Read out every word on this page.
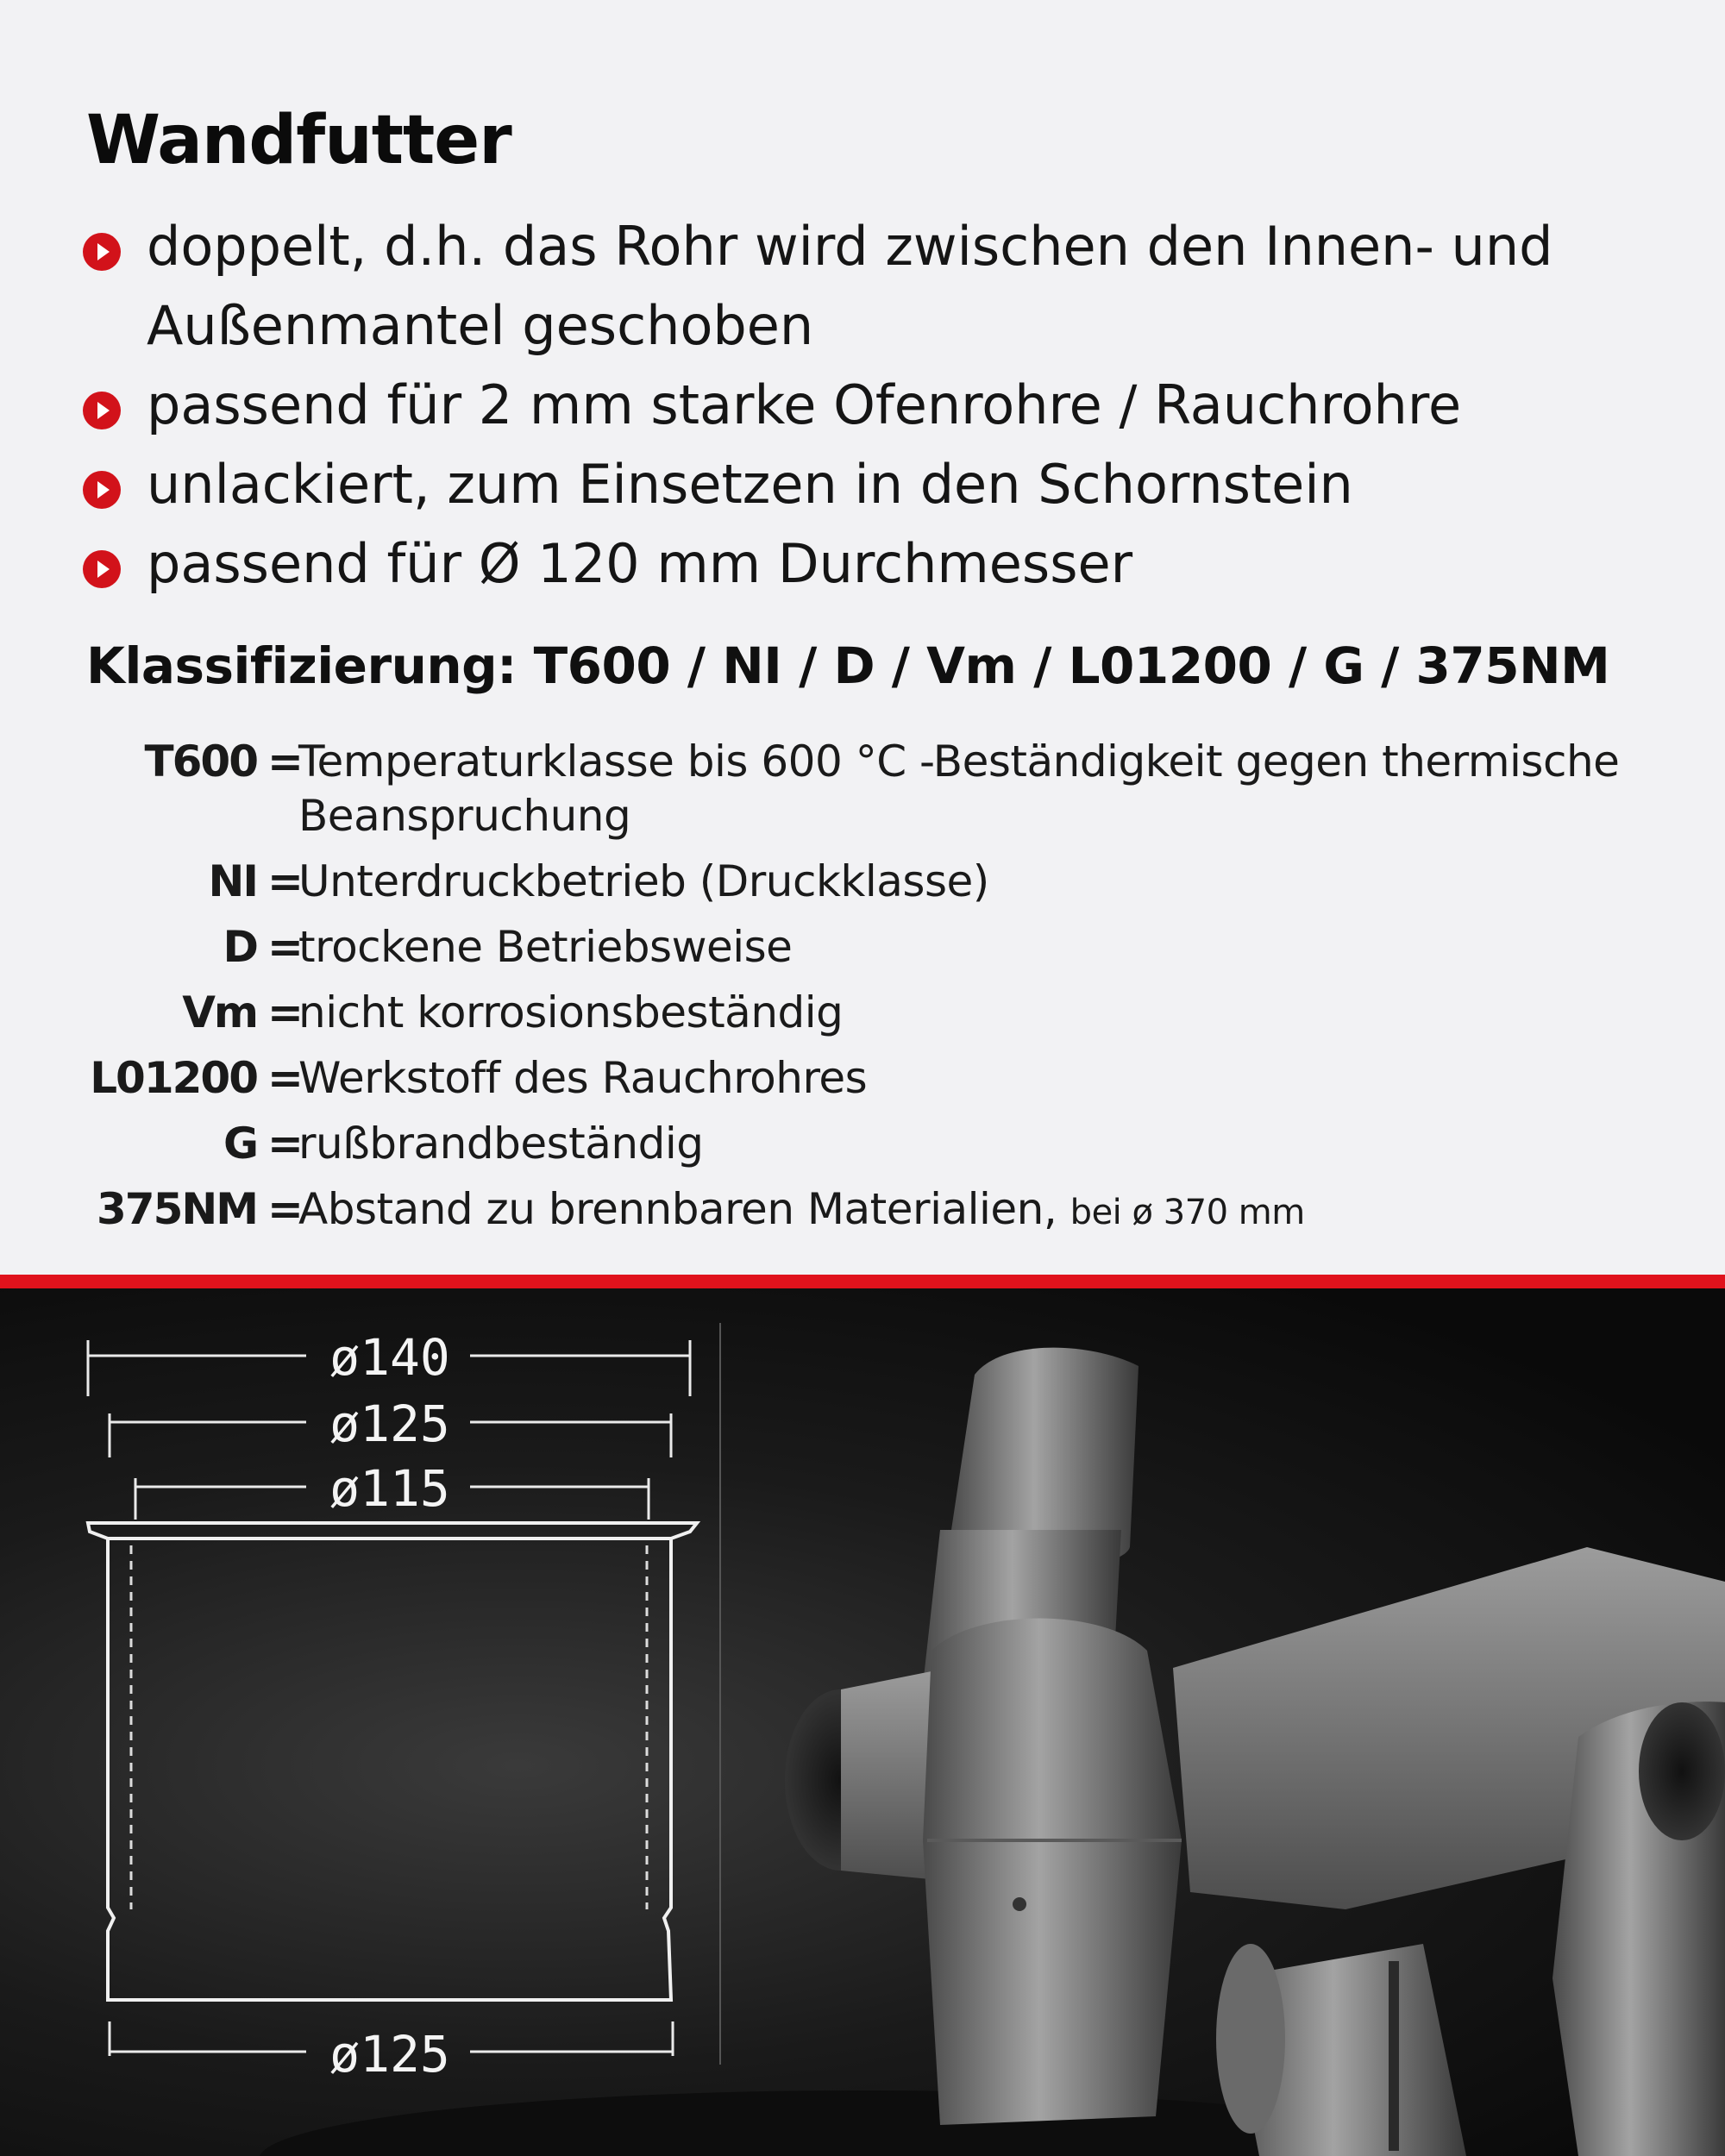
Wandfutter
doppelt, d.h. das Rohr wird zwischen den Innen- und Außenmantel geschoben
passend für 2 mm starke Ofenrohre / Rauchrohre
unlackiert, zum Einsetzen in den Schornstein
passend für Ø 120 mm Durchmesser
Klassifizierung: T600 / NI / D / Vm / L01200 / G / 375NM
T600 =
Temperaturklasse bis 600 °C -Beständigkeit gegen thermische Beanspruchung
NI =
Unterdruckbetrieb (Druckklasse)
D =
trockene Betriebsweise
Vm =
nicht korrosionsbeständig
L01200 =
Werkstoff des Rauchrohres
G =
rußbrandbeständig
375NM =
Abstand zu brennbaren Materialien, bei ø 370 mm
ø140
ø125
ø115
ø125
